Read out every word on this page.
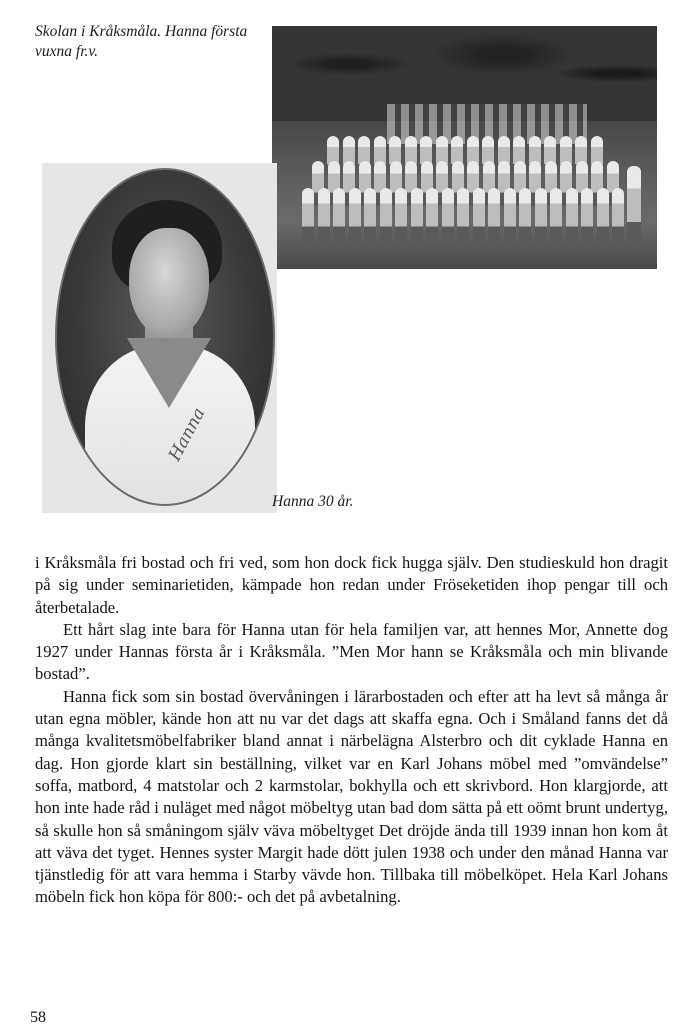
Skolan i Kråksmåla. Hanna första vuxna fr.v.

Hanna

Hanna 30 år.

i Kråksmåla fri bostad och fri ved, som hon dock fick hugga själv. Den studieskuld hon dragit på sig under seminarietiden, kämpade hon redan under Fröseketiden ihop pengar till och återbetalade.

Ett hårt slag inte bara för Hanna utan för hela familjen var, att hennes Mor, Annette dog 1927 under Hannas första år i Kråksmåla. ”Men Mor hann se Kråksmåla och min blivande bostad”.

Hanna fick som sin bostad övervåningen i lärarbostaden och efter att ha levt så många år utan egna möbler, kände hon att nu var det dags att skaffa egna. Och i Småland fanns det då många kvalitetsmöbelfabriker bland annat i närbelägna Alsterbro och dit cyklade Hanna en dag. Hon gjorde klart sin beställning, vilket var en Karl Johans möbel med ”omvändelse” soffa, matbord, 4 matstolar och 2 karmstolar, bokhylla och ett skrivbord. Hon klargjorde, att hon inte hade råd i nuläget med något möbeltyg utan bad dom sätta på ett oömt brunt undertyg, så skulle hon så småningom själv väva möbeltyget Det dröjde ända till 1939 innan hon kom åt att väva det tyget. Hennes syster Margit hade dött julen 1938 och under den månad Hanna var tjänstledig för att vara hemma i Starby vävde hon. Tillbaka till möbelköpet. Hela Karl Johans möbeln fick hon köpa för 800:- och det på avbetalning.

58
